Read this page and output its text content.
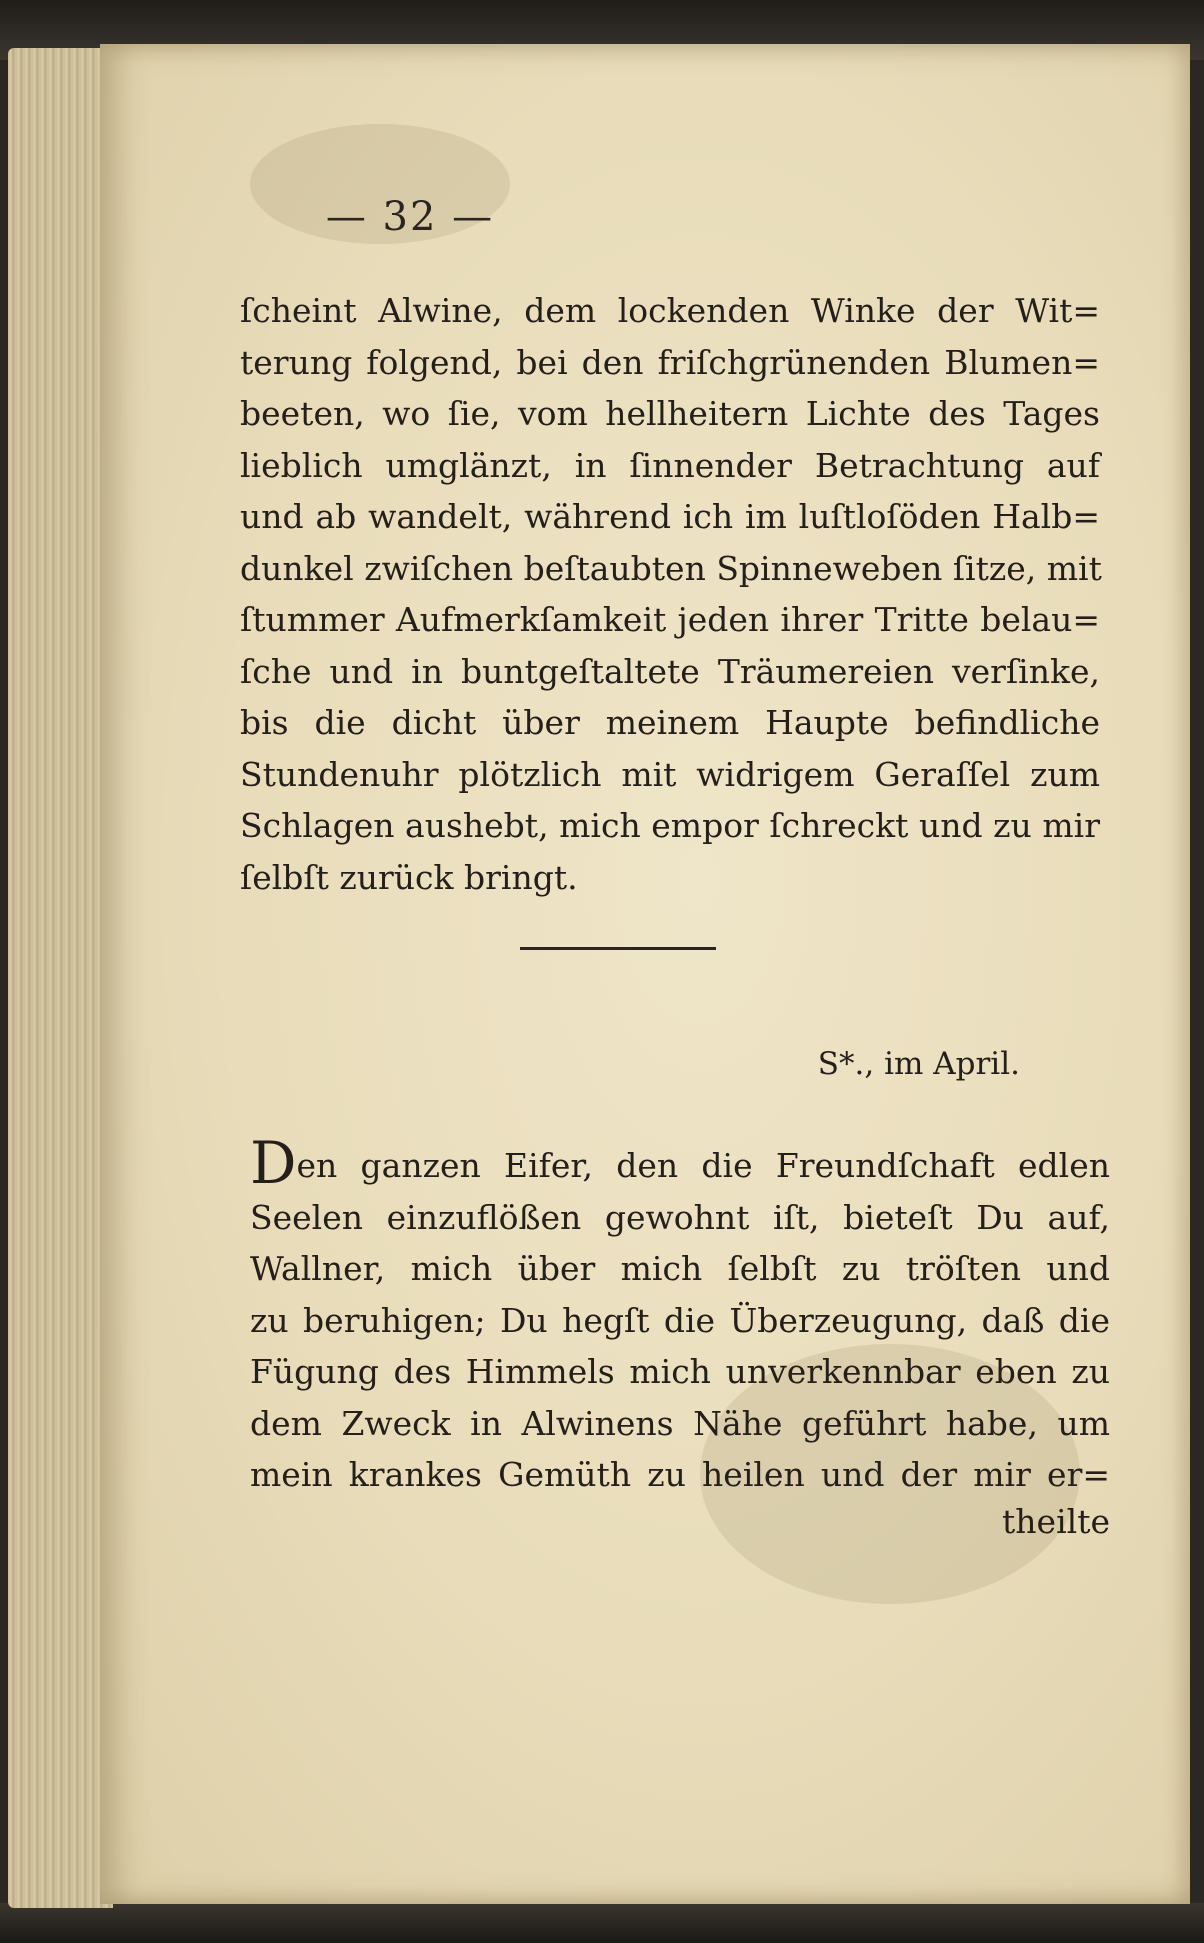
— 32 —
ſcheint Alwine, dem lockenden Winke der Wit=
terung folgend, bei den friſchgrünenden Blumen=
beeten, wo ſie, vom hellheitern Lichte des Tages
lieblich umglänzt, in ſinnender Betrachtung auf
und ab wandelt, während ich im luſtloſöden Halb=
dunkel zwiſchen beſtaubten Spinneweben ſitze, mit
ſtummer Aufmerkſamkeit jeden ihrer Tritte belau=
ſche und in buntgeſtaltete Träumereien verſinke,
bis die dicht über meinem Haupte befindliche
Stundenuhr plötzlich mit widrigem Geraſſel zum
Schlagen aushebt, mich empor ſchreckt und zu mir
ſelbſt zurück bringt.
S*., im April.
Den ganzen Eifer, den die Freundſchaft edlen
Seelen einzuflößen gewohnt iſt, bieteſt Du auf,
Wallner, mich über mich ſelbſt zu tröſten und
zu beruhigen; Du hegſt die Überzeugung, daß die
Fügung des Himmels mich unverkennbar eben zu
dem Zweck in Alwinens Nähe geführt habe, um
mein krankes Gemüth zu heilen und der mir er=
theilte
